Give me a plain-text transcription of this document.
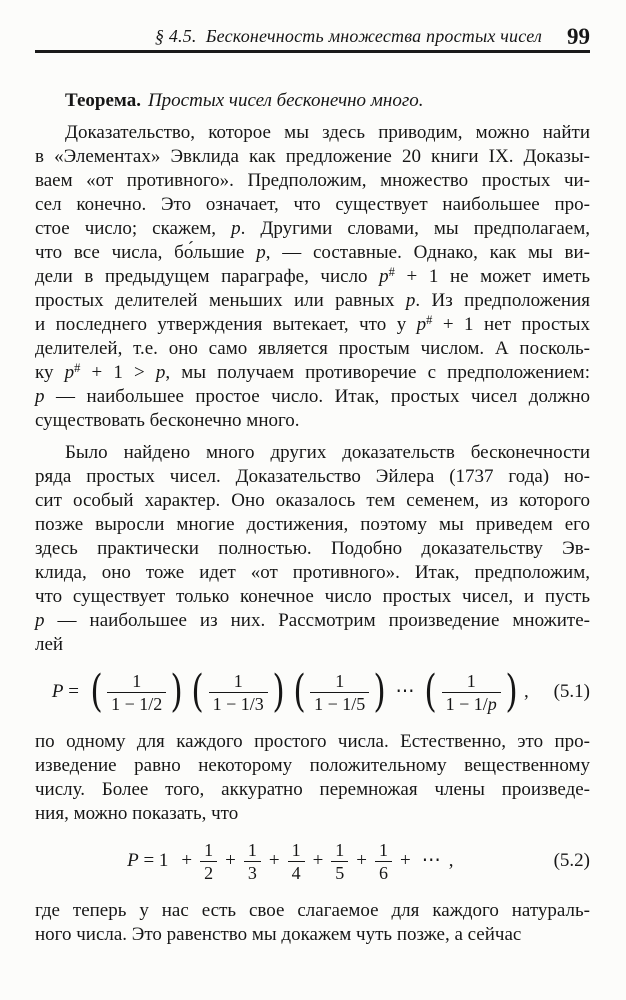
§ 4.5. Бесконечность множества простых чисел 99
Теорема. Простых чисел бесконечно много.
Доказательство, которое мы здесь приводим, можно найти
в «Элементах» Эвклида как предложение 20 книги IX. Доказы-
ваем «от противного». Предположим, множество простых чи-
сел конечно. Это означает, что существует наибольшее про-
стое число; скажем, p. Другими словами, мы предполагаем,
что все числа, бо́льшие p, — составные. Однако, как мы ви-
дели в предыдущем параграфе, число p# + 1 не может иметь
простых делителей меньших или равных p. Из предположения
и последнего утверждения вытекает, что у p# + 1 нет простых
делителей, т.е. оно само является простым числом. А посколь-
ку p# + 1 > p, мы получаем противоречие с предположением:
p — наибольшее простое число. Итак, простых чисел должно
существовать бесконечно много.
Было найдено много других доказательств бесконечности
ряда простых чисел. Доказательство Эйлера (1737 года) но-
сит особый характер. Оно оказалось тем семенем, из которого
позже выросли многие достижения, поэтому мы приведем его
здесь практически полностью. Подобно доказательству Эв-
клида, оно тоже идет «от противного». Итак, предположим,
что существует только конечное число простых чисел, и пусть
p — наибольшее из них. Рассмотрим произведение множите-
лей
P = ( $\frac{1}{1 - 1/2}$ ) ( $\frac{1}{1 - 1/3}$ ) ( $\frac{1}{1 - 1/5}$ ) ⋯ ( $\frac{1}{1 - 1/p}$ ) , (5.1)
по одному для каждого простого числа. Естественно, это про-
изведение равно некоторому положительному вещественному
числу. Более того, аккуратно перемножая члены произведе-
ния, можно показать, что
$P = 1 + \frac{1}{2} + \frac{1}{3} + \frac{1}{4} + \frac{1}{5} + \frac{1}{6}$ + ⋯ ,	(5.2)
где теперь у нас есть свое слагаемое для каждого натураль-
ного числа. Это равенство мы докажем чуть позже, а сейчас
